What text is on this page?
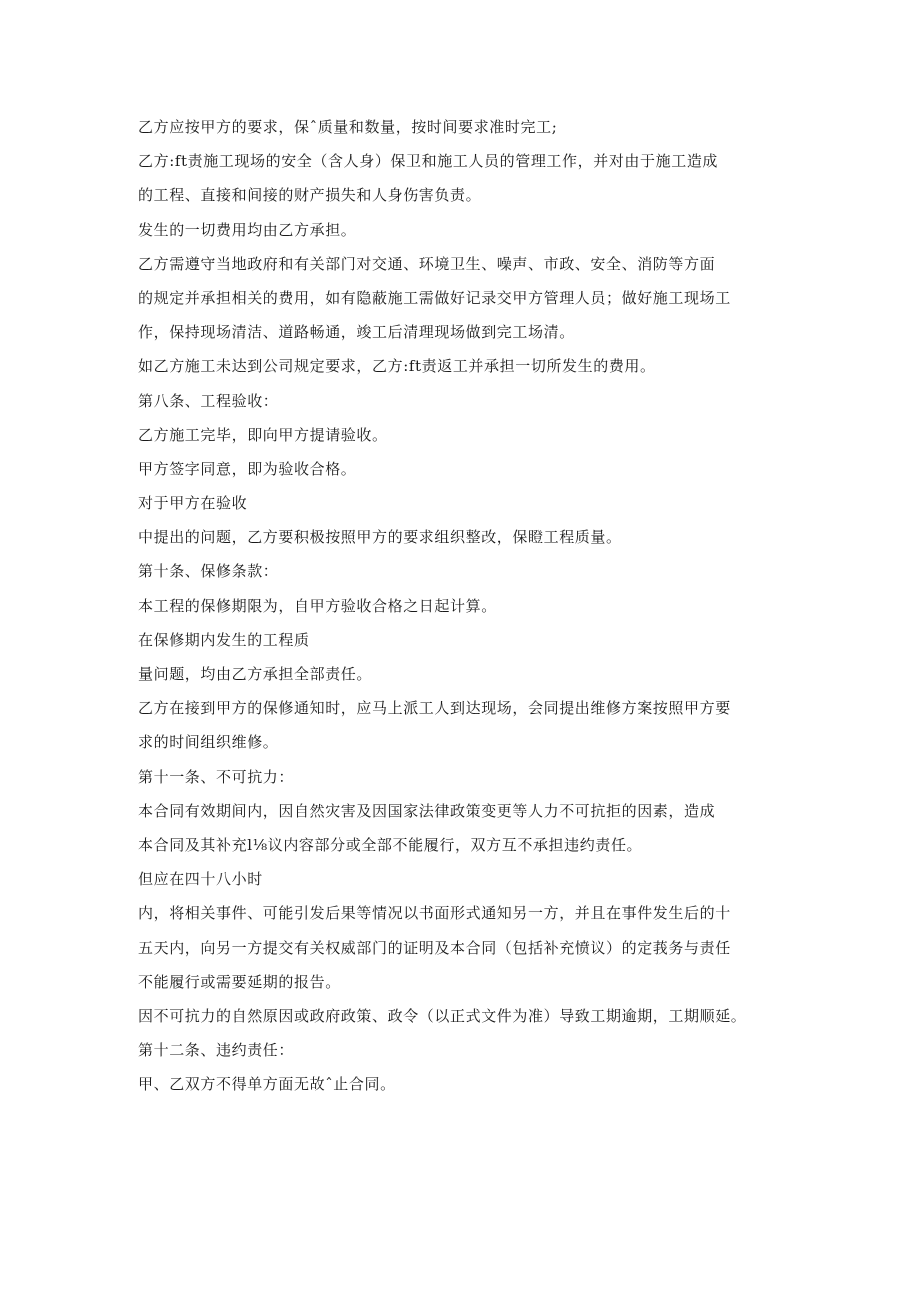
乙方应按甲方的要求，保ˆ质量和数量，按时间要求准时完工;
乙方:ft责施工现场的安全（含人身）保卫和施工人员的管理工作，并对由于施工造成
的工程、直接和间接的财产损失和人身伤害负责。
发生的一切费用均由乙方承担。
乙方需遵守当地政府和有关部门对交通、环境卫生、噪声、市政、安全、消防等方面
的规定并承担相关的费用，如有隐蔽施工需做好记录交甲方管理人员；做好施工现场工
作，保持现场清洁、道路畅通，竣工后清理现场做到完工场清。
如乙方施工未达到公司规定要求，乙方:ft责返工并承担一切所发生的费用。
第八条、工程验收：
乙方施工完毕，即向甲方提请验收。
甲方签字同意，即为验收合格。
对于甲方在验收
中提出的问题，乙方要积极按照甲方的要求组织整改，保瞪工程质量。
第十条、保修条款：
本工程的保修期限为，自甲方验收合格之日起计算。
在保修期内发生的工程质
量问题，均由乙方承担全部责任。
乙方在接到甲方的保修通知时，应马上派工人到达现场，会同提出维修方案按照甲方要
求的时间组织维修。
第十一条、不可抗力：
本合同有效期间内，因自然灾害及因国家法律政策变更等人力不可抗拒的因素，造成
本合同及其补充l⅛议内容部分或全部不能履行，双方互不承担违约责任。
但应在四十八小时
内，将相关事件、可能引发后果等情况以书面形式通知另一方，并且在事件发生后的十
五天内，向另一方提交有关权威部门的证明及本合同（包括补充愤议）的定莪务与责任
不能履行或需要延期的报告。
因不可抗力的自然原因或政府政策、政令（以正式文件为准）导致工期逾期，工期顺延。
第十二条、违约责任：
甲、乙双方不得单方面无故ˆ止合同。
